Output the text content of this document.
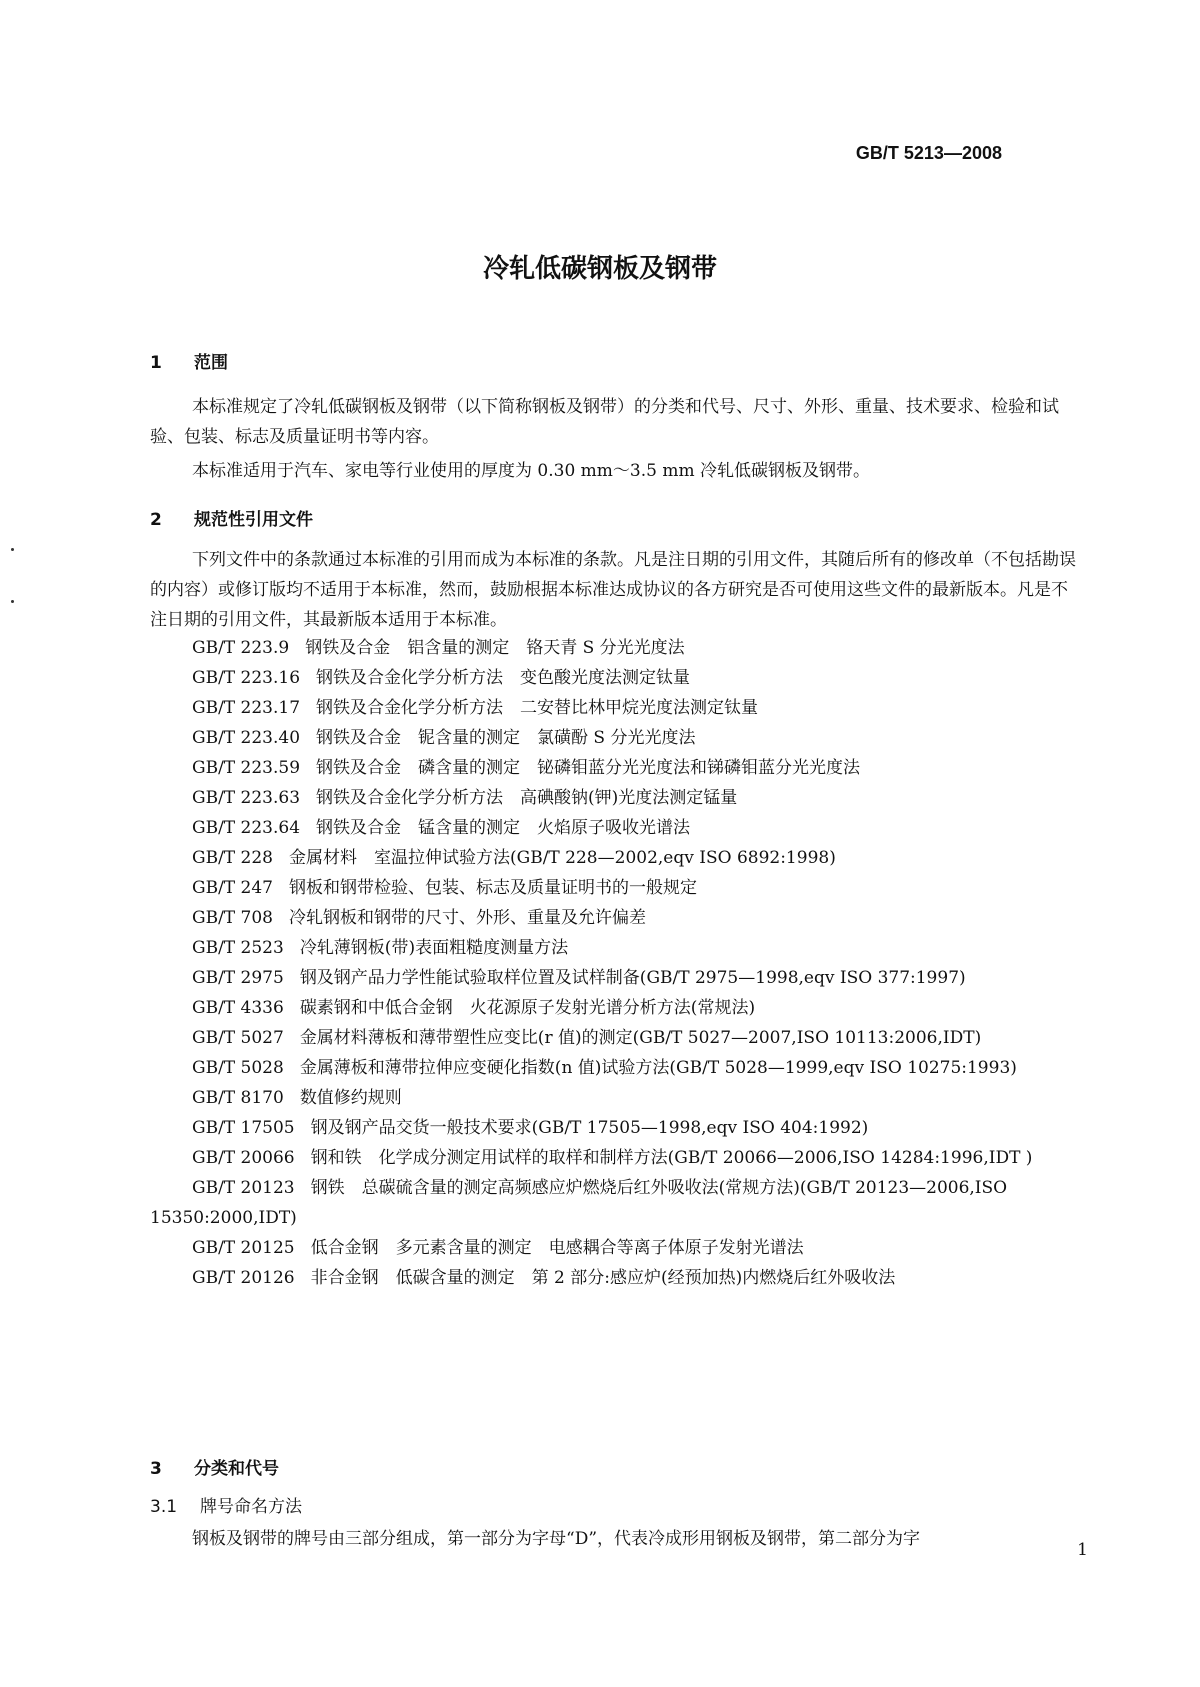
GB/T 5213—2008
冷轧低碳钢板及钢带
1 范围
本标准规定了冷轧低碳钢板及钢带（以下简称钢板及钢带）的分类和代号、尺寸、外形、重量、技术要求、检验和试验、包装、标志及质量证明书等内容。
本标准适用于汽车、家电等行业使用的厚度为 0.30 mm～3.5 mm 冷轧低碳钢板及钢带。
2 规范性引用文件
下列文件中的条款通过本标准的引用而成为本标准的条款。凡是注日期的引用文件，其随后所有的修改单（不包括勘误的内容）或修订版均不适用于本标准，然而，鼓励根据本标准达成协议的各方研究是否可使用这些文件的最新版本。凡是不注日期的引用文件，其最新版本适用于本标准。
GB/T 223.9 钢铁及合金　铝含量的测定　铬天青 S 分光光度法
GB/T 223.16 钢铁及合金化学分析方法　变色酸光度法测定钛量
GB/T 223.17 钢铁及合金化学分析方法　二安替比林甲烷光度法测定钛量
GB/T 223.40 钢铁及合金　铌含量的测定　氯磺酚 S 分光光度法
GB/T 223.59 钢铁及合金　磷含量的测定　铋磷钼蓝分光光度法和锑磷钼蓝分光光度法
GB/T 223.63 钢铁及合金化学分析方法　高碘酸钠(钾)光度法测定锰量
GB/T 223.64 钢铁及合金　锰含量的测定　火焰原子吸收光谱法
GB/T 228 金属材料　室温拉伸试验方法(GB/T 228—2002,eqv ISO 6892:1998)
GB/T 247 钢板和钢带检验、包装、标志及质量证明书的一般规定
GB/T 708 冷轧钢板和钢带的尺寸、外形、重量及允许偏差
GB/T 2523 冷轧薄钢板(带)表面粗糙度测量方法
GB/T 2975 钢及钢产品力学性能试验取样位置及试样制备(GB/T 2975—1998,eqv ISO 377:1997)
GB/T 4336 碳素钢和中低合金钢　火花源原子发射光谱分析方法(常规法)
GB/T 5027 金属材料薄板和薄带塑性应变比(r 值)的测定(GB/T 5027—2007,ISO 10113:2006,IDT)
GB/T 5028 金属薄板和薄带拉伸应变硬化指数(n 值)试验方法(GB/T 5028—1999,eqv ISO 10275:1993)
GB/T 8170 数值修约规则
GB/T 17505 钢及钢产品交货一般技术要求(GB/T 17505—1998,eqv ISO 404:1992)
GB/T 20066 钢和铁　化学成分测定用试样的取样和制样方法(GB/T 20066—2006,ISO 14284:1996,IDT )
GB/T 20123 钢铁　总碳硫含量的测定高频感应炉燃烧后红外吸收法(常规方法)(GB/T 20123—2006,ISO 15350:2000,IDT)
GB/T 20125 低合金钢　多元素含量的测定　电感耦合等离子体原子发射光谱法
GB/T 20126 非合金钢　低碳含量的测定　第 2 部分:感应炉(经预加热)内燃烧后红外吸收法
3 分类和代号
3.1 牌号命名方法
钢板及钢带的牌号由三部分组成，第一部分为字母“D”，代表冷成形用钢板及钢带，第二部分为字
1
